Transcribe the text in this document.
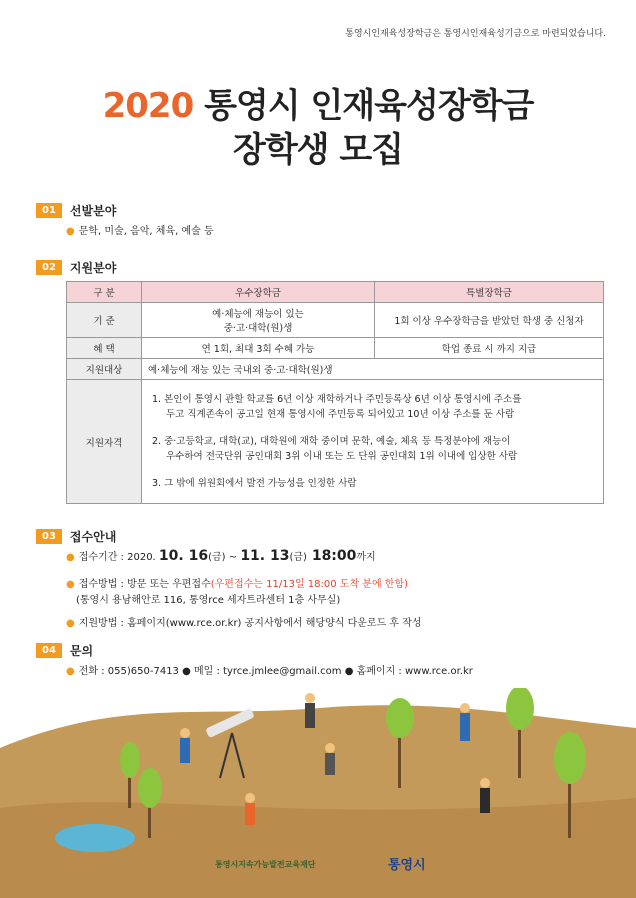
통영시인재육성장학금은 통영시인재육성기금으로 마련되었습니다.
2020 통영시 인재육성장학금
장학생 모집
01	선발분야
● 문학, 미술, 음악, 체육, 예술 등
02	지원분야
구 분	우수장학금	특별장학금
기 준	예·체능에 재능이 있는
중·고·대학(원)생	1회 이상 우수장학금을 받았던 학생 중 신청자
혜 택	연 1회, 최대 3회 수혜 가능	학업 종료 시 까지 지급
지원대상	예·체능에 재능 있는 국내외 중·고·대학(원)생	
지원자격	1. 본인이 통영시 관할 학교를 6년 이상 재학하거나 주민등록상 6년 이상 통영시에 주소를
두고 직계존속이 공고일 현재 통영시에 주민등록 되어있고 10년 이상 주소를 둔 사람

2. 중·고등학교, 대학(교), 대학원에 재학 중이며 문학, 예술, 체육 등 특정분야에 재능이
우수하여 전국단위 공인대회 3위 이내 또는 도 단위 공인대회 1위 이내에 입상한 사람

3. 그 밖에 위원회에서 발전 가능성을 인정한 사람	

03	접수안내
● 접수기간 : 2020. 10. 16(금) ~ 11. 13(금) 18:00까지
● 접수방법 : 방문 또는 우편접수(우편접수는 11/13일 18:00 도착 분에 한함)
(통영시 용남해안로 116, 통영rce 세자트라센터 1층 사무실)
● 지원방법 : 홈페이지(www.rce.or.kr) 공지사항에서 해당양식 다운로드 후 작성
04	문의
● 전화 : 055)650-7413 ● 메일 : tyrce.jmlee@gmail.com ● 홈페이지 : www.rce.or.kr
통영시지속가능발전교육재단	통영시
